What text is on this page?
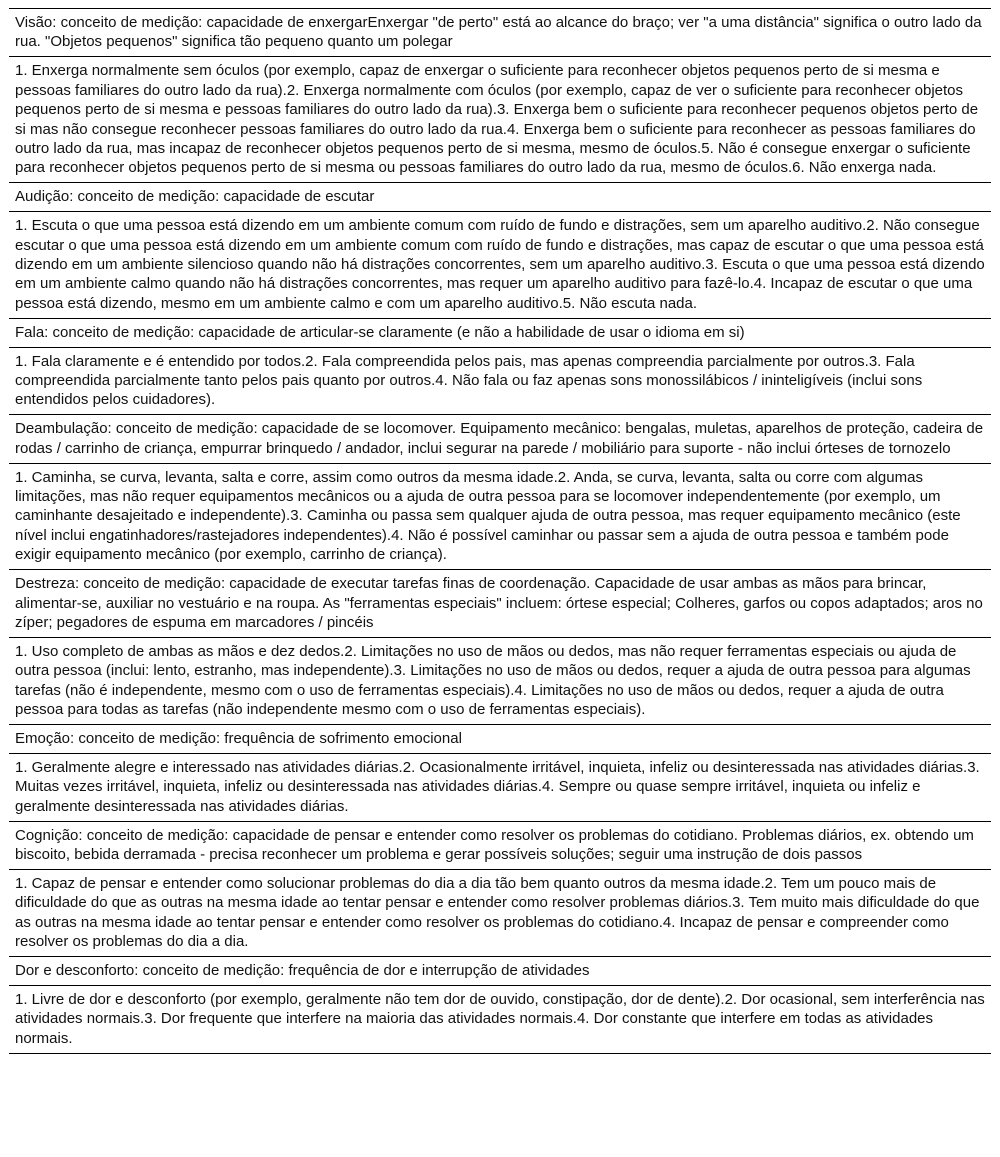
Visão: conceito de medição: capacidade de enxergarEnxergar "de perto" está ao alcance do braço; ver "a uma distância" significa o outro lado da rua. "Objetos pequenos" significa tão pequeno quanto um polegar
1. Enxerga normalmente sem óculos (por exemplo, capaz de enxergar o suficiente para reconhecer objetos pequenos perto de si mesma e pessoas familiares do outro lado da rua).2. Enxerga normalmente com óculos (por exemplo, capaz de ver o suficiente para reconhecer objetos pequenos perto de si mesma e pessoas familiares do outro lado da rua).3. Enxerga bem o suficiente para reconhecer pequenos objetos perto de si mas não consegue reconhecer pessoas familiares do outro lado da rua.4. Enxerga bem o suficiente para reconhecer as pessoas familiares do outro lado da rua, mas incapaz de reconhecer objetos pequenos perto de si mesma, mesmo de óculos.5. Não é consegue enxergar o suficiente para reconhecer objetos pequenos perto de si mesma ou pessoas familiares do outro lado da rua, mesmo de óculos.6. Não enxerga nada.
Audição: conceito de medição: capacidade de escutar
1. Escuta o que uma pessoa está dizendo em um ambiente comum com ruído de fundo e distrações, sem um aparelho auditivo.2. Não consegue escutar o que uma pessoa está dizendo em um ambiente comum com ruído de fundo e distrações, mas capaz de escutar o que uma pessoa está dizendo em um ambiente silencioso quando não há distrações concorrentes, sem um aparelho auditivo.3. Escuta o que uma pessoa está dizendo em um ambiente calmo quando não há distrações concorrentes, mas requer um aparelho auditivo para fazê-lo.4. Incapaz de escutar o que uma pessoa está dizendo, mesmo em um ambiente calmo e com um aparelho auditivo.5. Não escuta nada.
Fala: conceito de medição: capacidade de articular-se claramente (e não a habilidade de usar o idioma em si)
1. Fala claramente e é entendido por todos.2. Fala compreendida pelos pais, mas apenas compreendia parcialmente por outros.3. Fala compreendida parcialmente tanto pelos pais quanto por outros.4. Não fala ou faz apenas sons monossilábicos / ininteligíveis (inclui sons entendidos pelos cuidadores).
Deambulação: conceito de medição: capacidade de se locomover. Equipamento mecânico: bengalas, muletas, aparelhos de proteção, cadeira de rodas / carrinho de criança, empurrar brinquedo / andador, inclui segurar na parede / mobiliário para suporte - não inclui órteses de tornozelo
1. Caminha, se curva, levanta, salta e corre, assim como outros da mesma idade.2. Anda, se curva, levanta, salta ou corre com algumas limitações, mas não requer equipamentos mecânicos ou a ajuda de outra pessoa para se locomover independentemente (por exemplo, um caminhante desajeitado e independente).3. Caminha ou passa sem qualquer ajuda de outra pessoa, mas requer equipamento mecânico (este nível inclui engatinhadores/rastejadores independentes).4. Não é possível caminhar ou passar sem a ajuda de outra pessoa e também pode exigir equipamento mecânico (por exemplo, carrinho de criança).
Destreza: conceito de medição: capacidade de executar tarefas finas de coordenação. Capacidade de usar ambas as mãos para brincar, alimentar-se, auxiliar no vestuário e na roupa. As "ferramentas especiais" incluem: órtese especial; Colheres, garfos ou copos adaptados; aros no zíper; pegadores de espuma em marcadores / pincéis
1. Uso completo de ambas as mãos e dez dedos.2. Limitações no uso de mãos ou dedos, mas não requer ferramentas especiais ou ajuda de outra pessoa (inclui: lento, estranho, mas independente).3. Limitações no uso de mãos ou dedos, requer a ajuda de outra pessoa para algumas tarefas (não é independente, mesmo com o uso de ferramentas especiais).4. Limitações no uso de mãos ou dedos, requer a ajuda de outra pessoa para todas as tarefas (não independente mesmo com o uso de ferramentas especiais).
Emoção: conceito de medição: frequência de sofrimento emocional
1. Geralmente alegre e interessado nas atividades diárias.2. Ocasionalmente irritável, inquieta, infeliz ou desinteressada nas atividades diárias.3. Muitas vezes irritável, inquieta, infeliz ou desinteressada nas atividades diárias.4. Sempre ou quase sempre irritável, inquieta ou infeliz e geralmente desinteressada nas atividades diárias.
Cognição: conceito de medição: capacidade de pensar e entender como resolver os problemas do cotidiano. Problemas diários, ex. obtendo um biscoito, bebida derramada - precisa reconhecer um problema e gerar possíveis soluções; seguir uma instrução de dois passos
1. Capaz de pensar e entender como solucionar problemas do dia a dia tão bem quanto outros da mesma idade.2. Tem um pouco mais de dificuldade do que as outras na mesma idade ao tentar pensar e entender como resolver problemas diários.3. Tem muito mais dificuldade do que as outras na mesma idade ao tentar pensar e entender como resolver os problemas do cotidiano.4. Incapaz de pensar e compreender como resolver os problemas do dia a dia.
Dor e desconforto: conceito de medição: frequência de dor e interrupção de atividades
1. Livre de dor e desconforto (por exemplo, geralmente não tem dor de ouvido, constipação, dor de dente).2. Dor ocasional, sem interferência nas atividades normais.3. Dor frequente que interfere na maioria das atividades normais.4. Dor constante que interfere em todas as atividades normais.
